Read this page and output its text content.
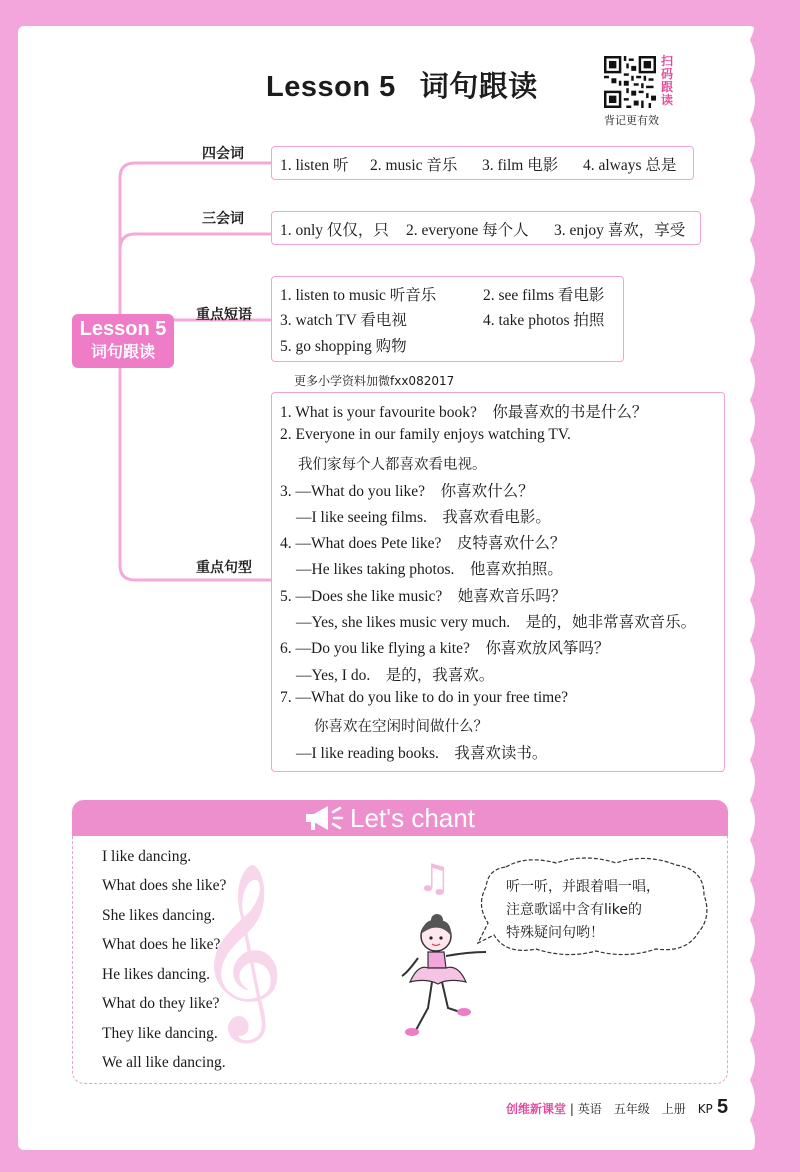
Lesson 5 词句跟读
扫
码
跟
读
背记更有效
Lesson 5
词句跟读
四会词
1. listen 听 2. music 音乐 3. film 电影 4. always 总是
三会词
1. only 仅仅，只 2. everyone 每个人 3. enjoy 喜欢，享受
重点短语
1. listen to music 听音乐	2. see films 看电影
3. watch TV 看电视	4. take photos 拍照
5. go shopping 购物
更多小学资料加微fxx082017
重点句型
1. What is your favourite book?　你最喜欢的书是什么？
2. Everyone in our family enjoys watching TV.
我们家每个人都喜欢看电视。
3. —What do you like?　你喜欢什么？
—I like seeing films.　我喜欢看电影。
4. —What does Pete like?　皮特喜欢什么？
—He likes taking photos.　他喜欢拍照。
5. —Does she like music?　她喜欢音乐吗？
—Yes, she likes music very much.　是的，她非常喜欢音乐。
6. —Do you like flying a kite?　你喜欢放风筝吗？
—Yes, I do.　是的，我喜欢。
7. —What do you like to do in your free time?
你喜欢在空闲时间做什么？
—I like reading books.　我喜欢读书。
Let's chant
𝄞
I like dancing.
What does she like?
She likes dancing.
What does he like?
He likes dancing.
What do they like?
They like dancing.
We all like dancing.
♫	听一听，并跟着唱一唱，
注意歌谣中含有like的
特殊疑问句哟！
创维新课堂 | 英语　五年级　上册　KP 5
